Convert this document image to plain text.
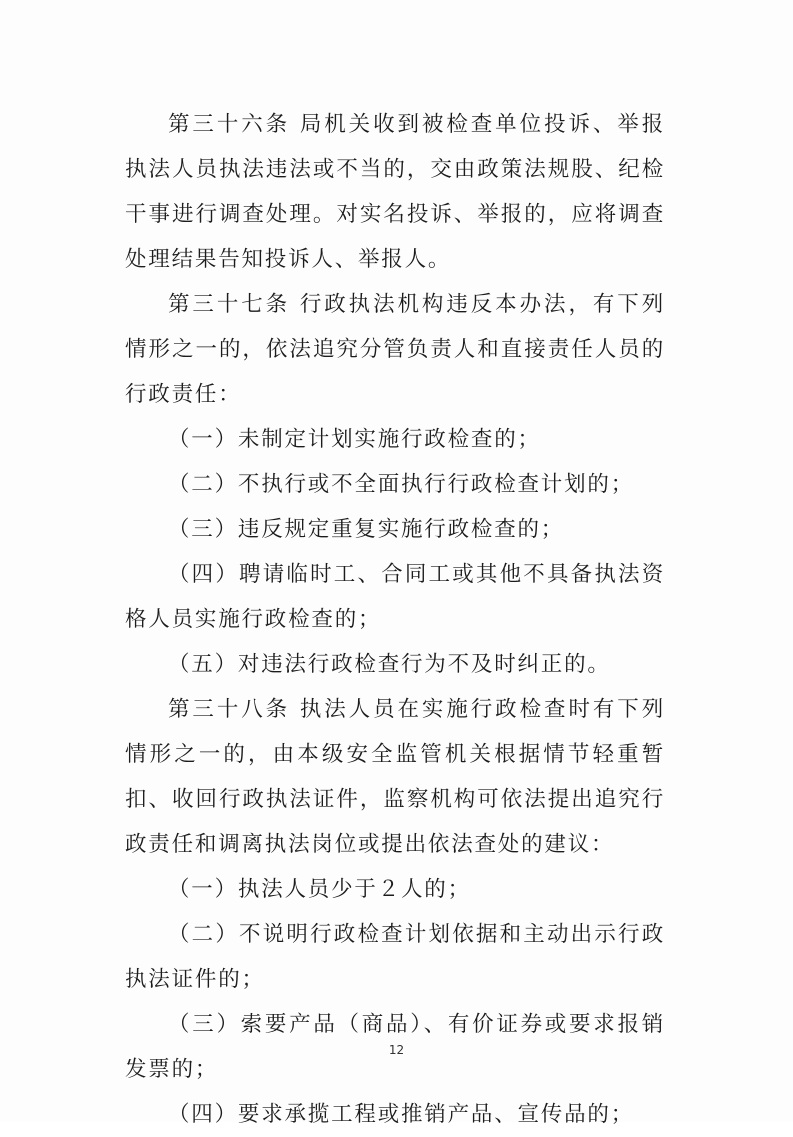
第三十六条 局机关收到被检查单位投诉、举报执法人员执法违法或不当的，交由政策法规股、纪检干事进行调查处理。对实名投诉、举报的，应将调查处理结果告知投诉人、举报人。

第三十七条 行政执法机构违反本办法，有下列情形之一的，依法追究分管负责人和直接责任人员的行政责任：

（一）未制定计划实施行政检查的；

（二）不执行或不全面执行行政检查计划的；

（三）违反规定重复实施行政检查的；

（四）聘请临时工、合同工或其他不具备执法资格人员实施行政检查的；

（五）对违法行政检查行为不及时纠正的。

第三十八条 执法人员在实施行政检查时有下列情形之一的，由本级安全监管机关根据情节轻重暂扣、收回行政执法证件，监察机构可依法提出追究行政责任和调离执法岗位或提出依法查处的建议：

（一）执法人员少于２人的；

（二）不说明行政检查计划依据和主动出示行政执法证件的；

（三）索要产品（商品）、有价证券或要求报销发票的；

（四）要求承揽工程或推销产品、宣传品的；

12
